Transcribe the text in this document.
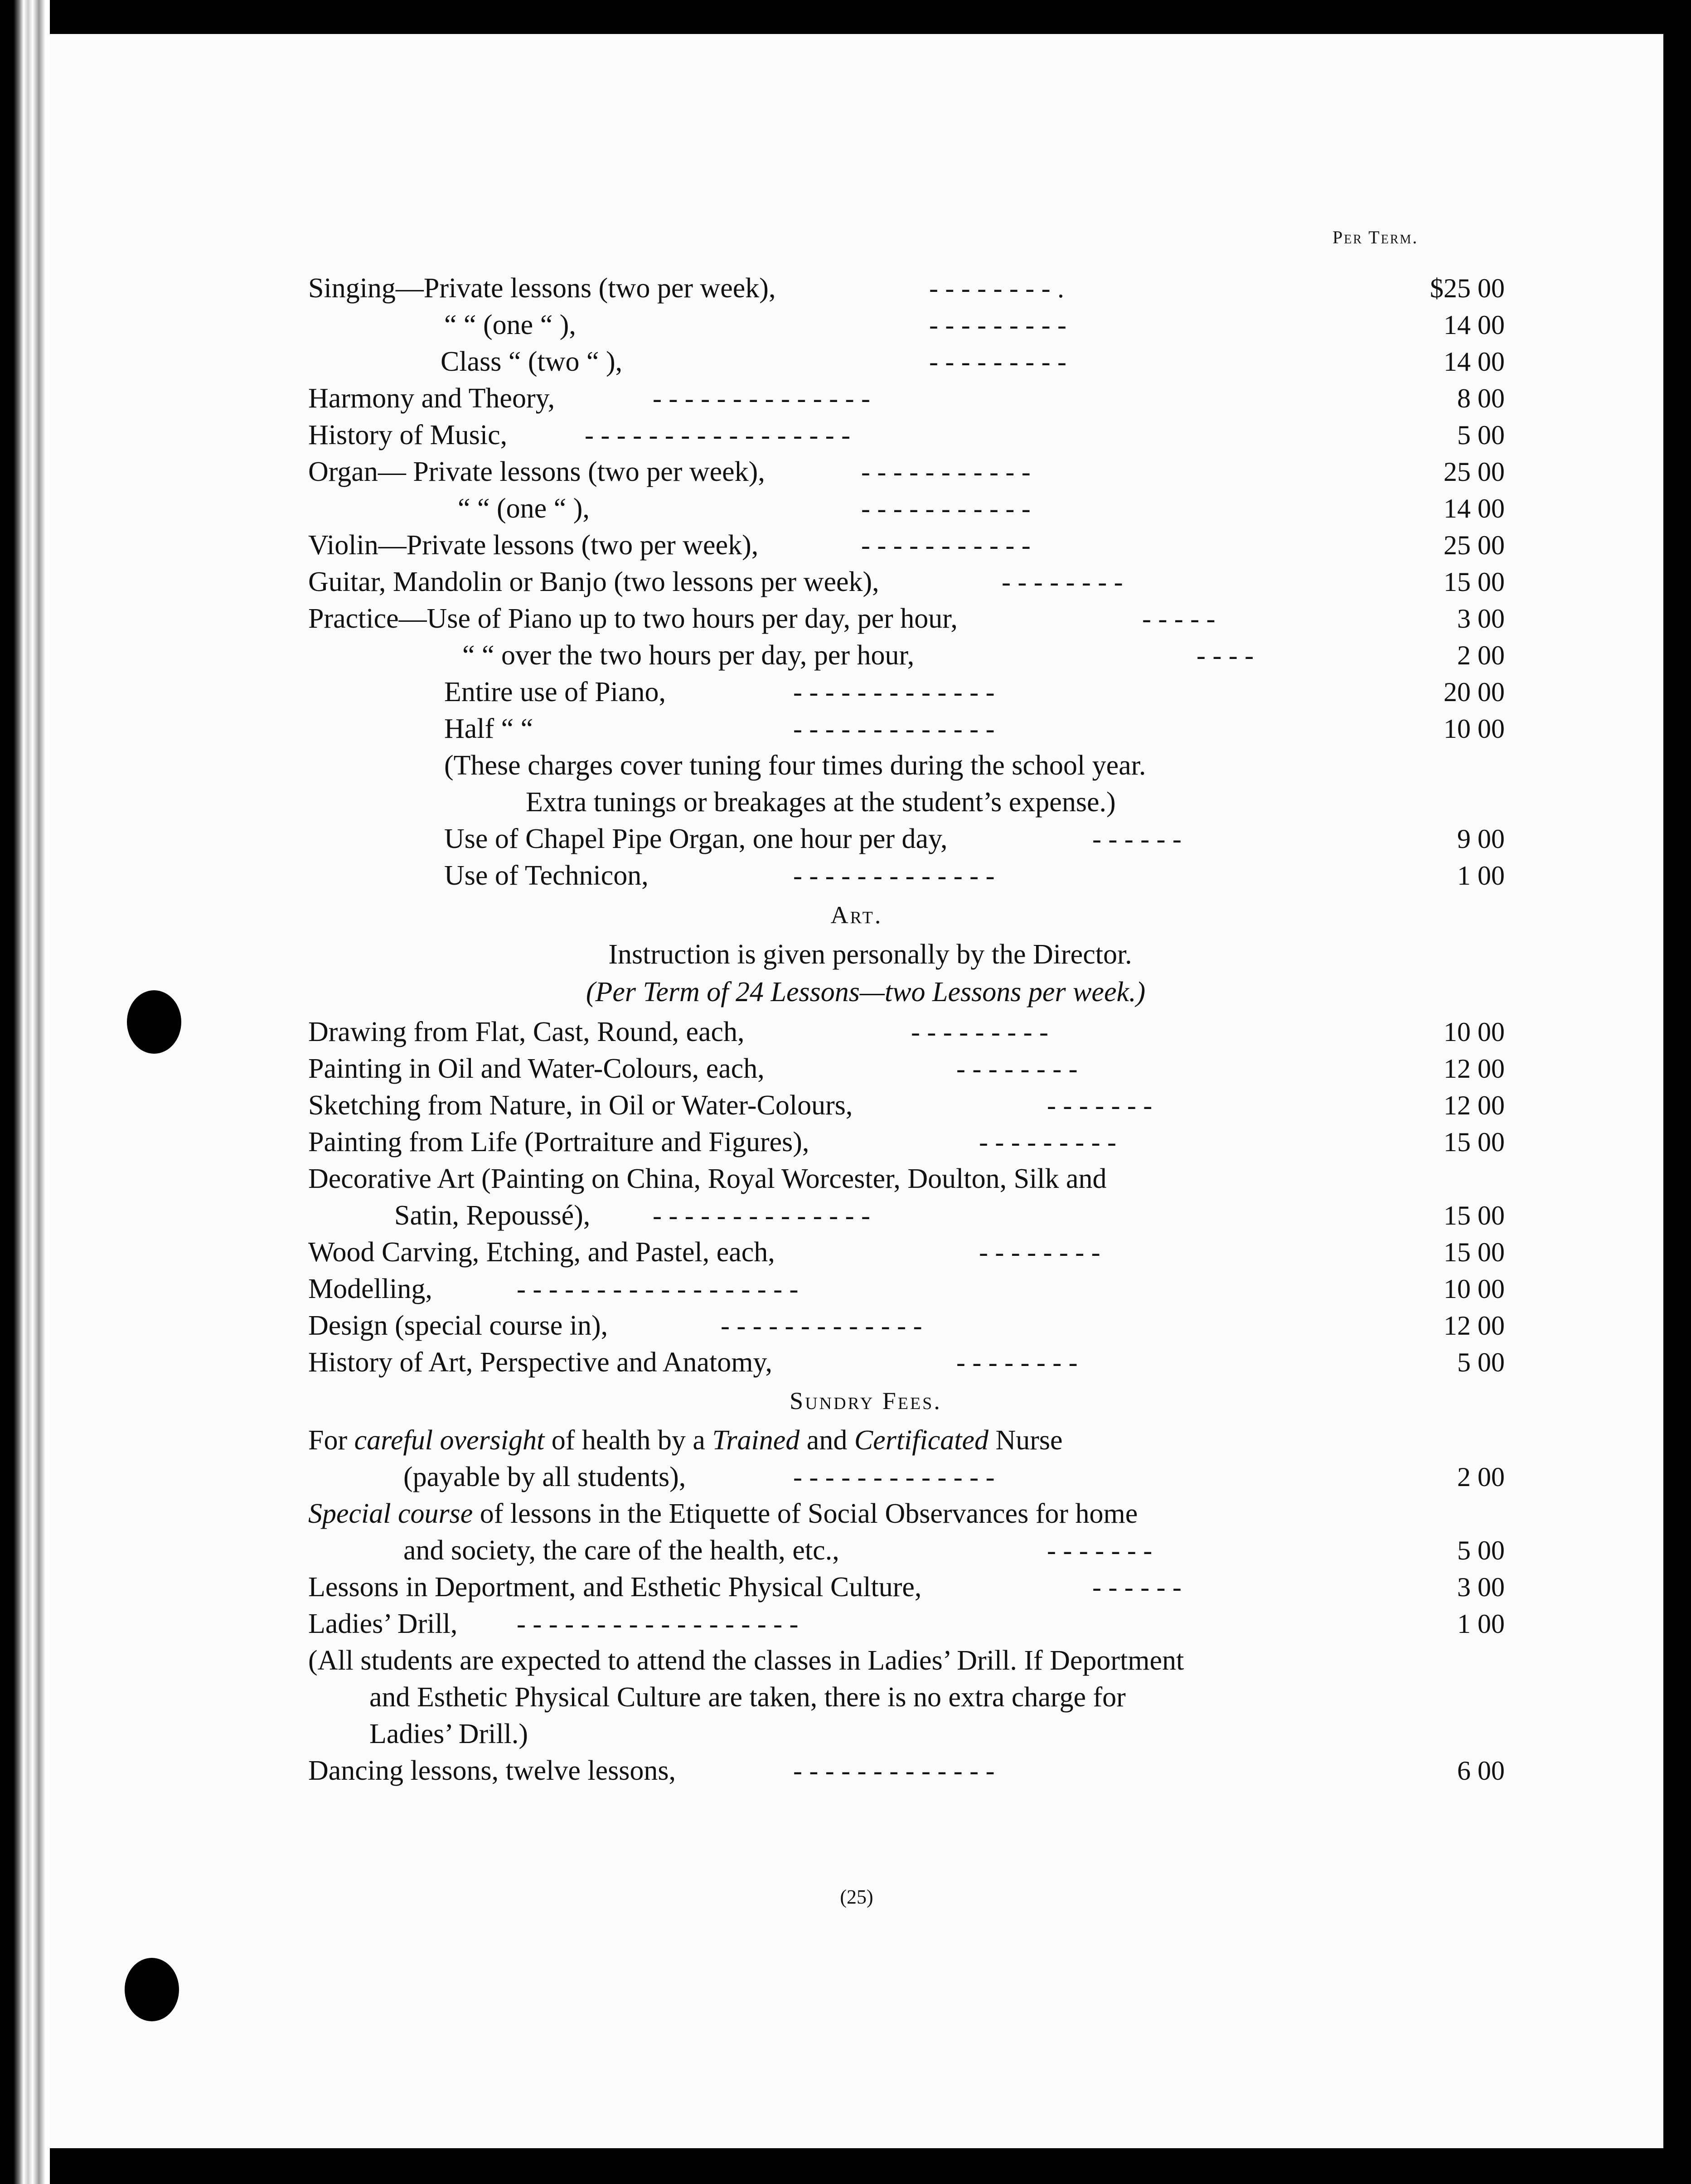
Per Term.
Singing—Private lessons (two per week),	- - - - - - - - .	$25 00
“ “ (one “ ),	- - - - - - - - -	14 00
Class “ (two “ ),	- - - - - - - - -	14 00
Harmony and Theory,	- - - - - - - - - - - - - -	8 00
History of Music,	- - - - - - - - - - - - - - - - -	5 00
Organ— Private lessons (two per week),	- - - - - - - - - - -	25 00
“ “ (one “ ),	- - - - - - - - - - -	14 00
Violin—Private lessons (two per week),	- - - - - - - - - - -	25 00
Guitar, Mandolin or Banjo (two lessons per week),	- - - - - - - -	15 00
Practice—Use of Piano up to two hours per day, per hour,	- - - - -	3 00
“ “ over the two hours per day, per hour,	- - - -	2 00
Entire use of Piano,	- - - - - - - - - - - - -	20 00
Half “ “	- - - - - - - - - - - - -	10 00
(These charges cover tuning four times during the school year.
Extra tunings or breakages at the student’s expense.)
Use of Chapel Pipe Organ, one hour per day,	- - - - - -	9 00
Use of Technicon,	- - - - - - - - - - - - -	1 00
Art.
Instruction is given personally by the Director.
(Per Term of 24 Lessons—two Lessons per week.)
Drawing from Flat, Cast, Round, each,	- - - - - - - - -	10 00
Painting in Oil and Water-Colours, each,	- - - - - - - -	12 00
Sketching from Nature, in Oil or Water-Colours,	- - - - - - -	12 00
Painting from Life (Portraiture and Figures),	- - - - - - - - -	15 00
Decorative Art (Painting on China, Royal Worcester, Doulton, Silk and
Satin, Repoussé), - - - - - - - - - - - - - -	15 00
Wood Carving, Etching, and Pastel, each,	- - - - - - - -	15 00
Modelling,	- - - - - - - - - - - - - - - - - -	10 00
Design (special course in),	- - - - - - - - - - - - -	12 00
History of Art, Perspective and Anatomy,	- - - - - - - -	5 00
Sundry Fees.
For careful oversight of health by a Trained and Certificated Nurse
(payable by all students),	- - - - - - - - - - - - -	2 00
Special course of lessons in the Etiquette of Social Observances for home
and society, the care of the health, etc.,	- - - - - - -	5 00
Lessons in Deportment, and Esthetic Physical Culture,	- - - - - -	3 00
Ladies’ Drill, - - - - - - - - - - - - - - - - - -	1 00
(All students are expected to attend the classes in Ladies’ Drill. If Deportment
and Esthetic Physical Culture are taken, there is no extra charge for
Ladies’ Drill.)
Dancing lessons, twelve lessons,	- - - - - - - - - - - - -	6 00
(25)
